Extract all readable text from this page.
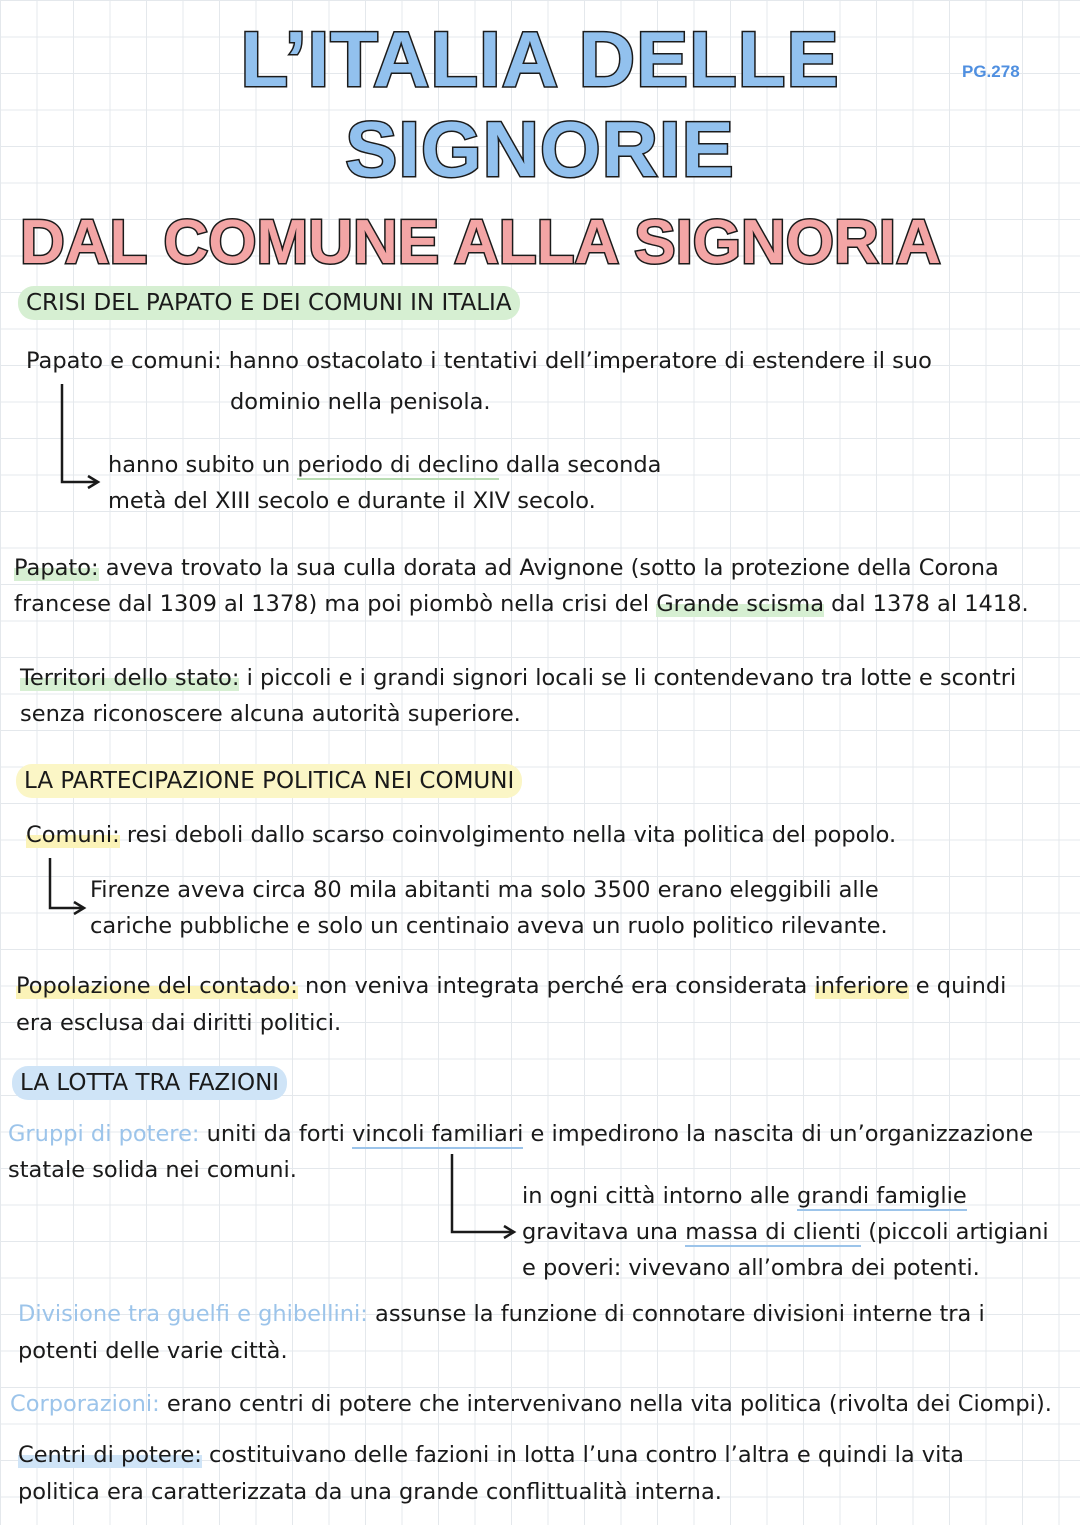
L’ITALIA DELLE
SIGNORIE
PG.278
DAL COMUNE ALLA SIGNORIA
CRISI DEL PAPATO E DEI COMUNI IN ITALIA
Papato e comuni: hanno ostacolato i tentativi dell’imperatore di estendere il suo
dominio nella penisola.
hanno subito un periodo di declino dalla seconda
metà del XIII secolo e durante il XIV secolo.
Papato: aveva trovato la sua culla dorata ad Avignone (sotto la protezione della Corona
francese dal 1309 al 1378) ma poi piombò nella crisi del Grande scisma dal 1378 al 1418.
Territori dello stato: i piccoli e i grandi signori locali se li contendevano tra lotte e scontri
senza riconoscere alcuna autorità superiore.
LA PARTECIPAZIONE POLITICA NEI COMUNI
Comuni: resi deboli dallo scarso coinvolgimento nella vita politica del popolo.
Firenze aveva circa 80 mila abitanti ma solo 3500 erano eleggibili alle
cariche pubbliche e solo un centinaio aveva un ruolo politico rilevante.
Popolazione del contado: non veniva integrata perché era considerata inferiore e quindi
era esclusa dai diritti politici.
LA LOTTA TRA FAZIONI
Gruppi di potere: uniti da forti vincoli familiari e impedirono la nascita di un’organizzazione
statale solida nei comuni.
in ogni città intorno alle grandi famiglie
gravitava una massa di clienti (piccoli artigiani
e poveri: vivevano all’ombra dei potenti.
Divisione tra guelfi e ghibellini: assunse la funzione di connotare divisioni interne tra i
potenti delle varie città.
Corporazioni: erano centri di potere che intervenivano nella vita politica (rivolta dei Ciompi).
Centri di potere: costituivano delle fazioni in lotta l’una contro l’altra e quindi la vita
politica era caratterizzata da una grande conflittualità interna.
